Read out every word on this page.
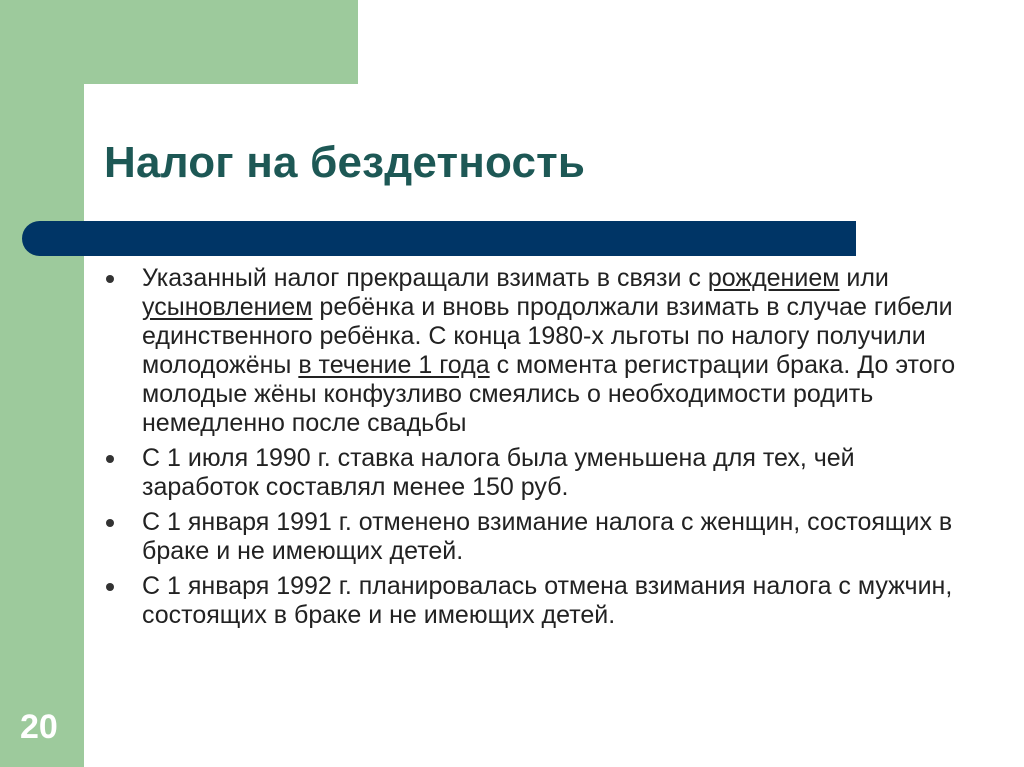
Налог на бездетность
Указанный налог прекращали взимать в связи с рождением или усыновлением ребёнка и вновь продолжали взимать в случае гибели единственного ребёнка. С конца 1980-х льготы по налогу получили молодожёны в течение 1 года с момента регистрации брака. До этого молодые жёны конфузливо смеялись о необходимости родить немедленно после свадьбы
С 1 июля 1990 г. ставка налога была уменьшена для тех, чей заработок составлял менее 150 руб.
С 1 января 1991 г. отменено взимание налога с женщин, состоящих в браке и не имеющих детей.
С 1 января 1992 г. планировалась отмена взимания налога с мужчин, состоящих в браке и не имеющих детей.
20
